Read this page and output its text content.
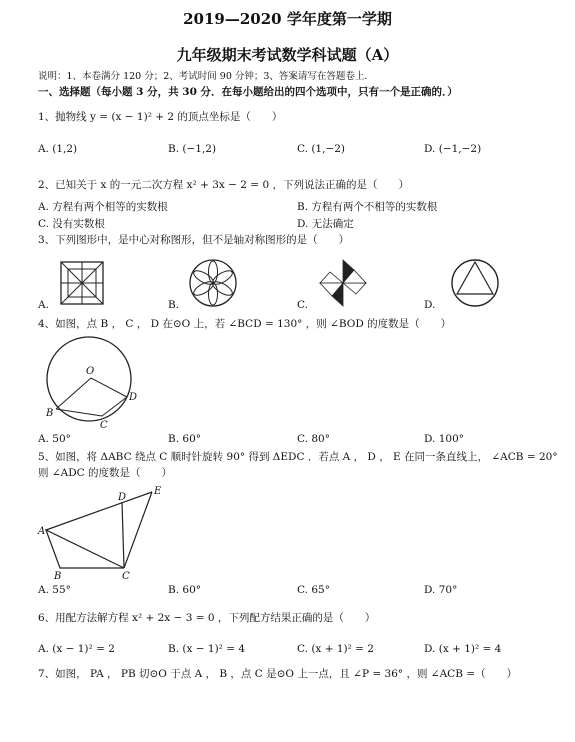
2019—2020 学年度第一学期
九年级期末考试数学科试题（A）
说明：1、本卷满分 120 分；2、考试时间 90 分钟；3、答案请写在答题卷上．
一、选择题（每小题 3 分，共 30 分．在每小题给出的四个选项中，只有一个是正确的．）
1、抛物线 y = (x − 1)² + 2 的顶点坐标是（　　）
A. (1,2)	B. (−1,2)	C. (1,−2)	D. (−1,−2)
2、已知关于 x 的一元二次方程 x² + 3x − 2 = 0 ，下列说法正确的是（　　）
A. 方程有两个相等的实数根	B. 方程有两个不相等的实数根
C. 没有实数根	D. 无法确定
3、下列图形中，是中心对称图形，但不是轴对称图形的是（　　）
A.	B.	C.	D.
4、如图，点 B ， C ， D 在⊙O 上，若 ∠BCD = 130° ，则 ∠BOD 的度数是（　　）
O
B
C
D
A. 50°	B. 60°	C. 80°	D. 100°
5、如图，将 ΔABC 绕点 C 顺时针旋转 90° 得到 ΔEDC ．若点 A ， D ， E 在同一条直线上， ∠ACB = 20°
则 ∠ADC 的度数是（　　）
A
B	C
D
E
A. 55°	B. 60°	C. 65°	D. 70°
6、用配方法解方程 x² + 2x − 3 = 0 ，下列配方结果正确的是（　　）
A. (x − 1)² = 2	B. (x − 1)² = 4	C. (x + 1)² = 2	D. (x + 1)² = 4
7、如图， PA ， PB 切⊙O 于点 A ， B ，点 C 是⊙O 上一点，且 ∠P = 36° ，则 ∠ACB =（　　）
